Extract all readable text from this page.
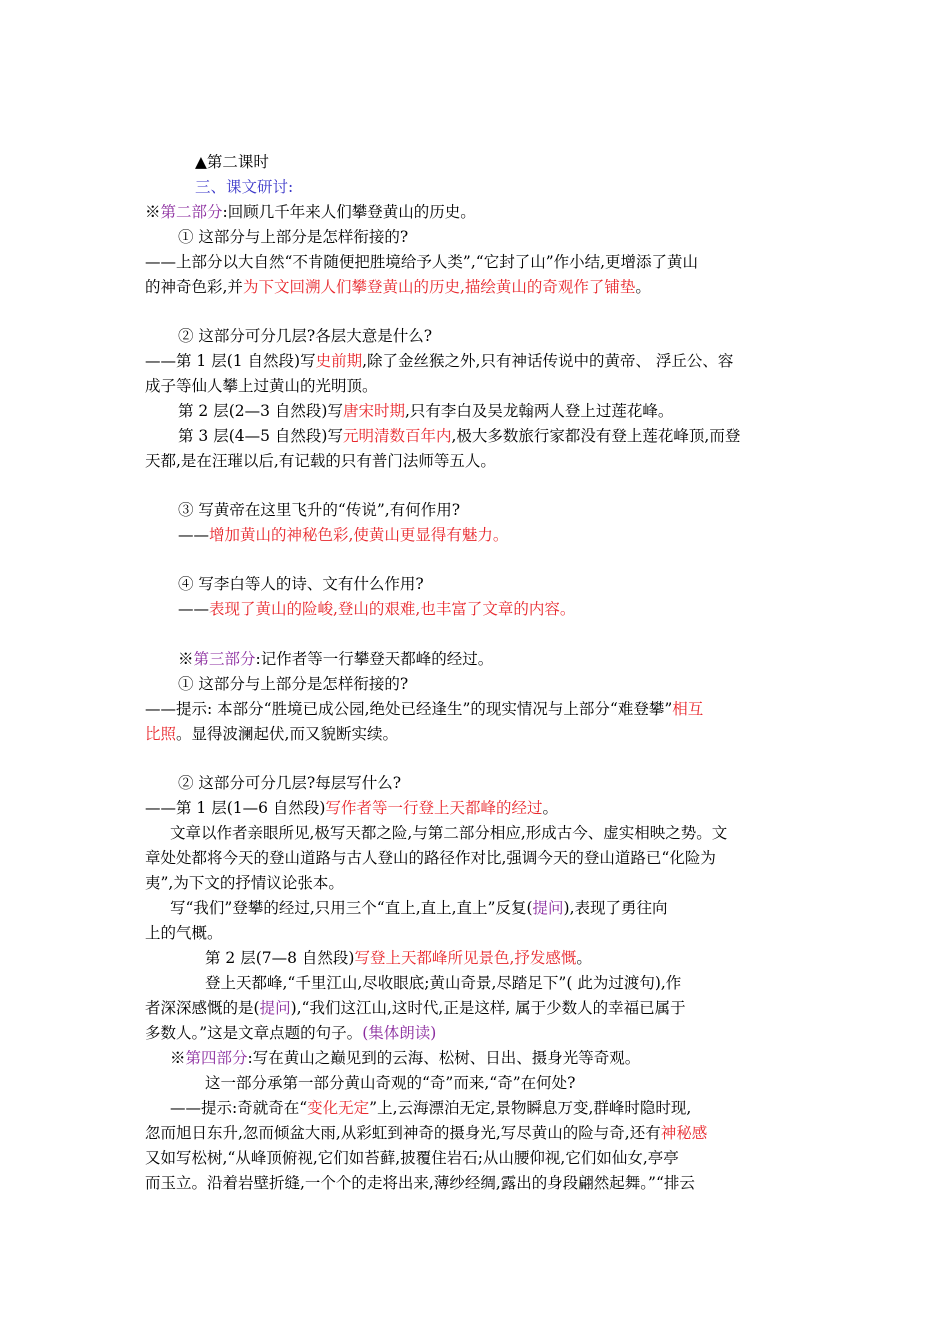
▲第二课时
三、课文研讨:
※第二部分:回顾几千年来人们攀登黄山的历史。
① 这部分与上部分是怎样衔接的?
——上部分以大自然“不肯随便把胜境给予人类”,“它封了山”作小结,更增添了黄山
的神奇色彩,并为下文回溯人们攀登黄山的历史,描绘黄山的奇观作了铺垫。
② 这部分可分几层?各层大意是什么?
——第 1 层(1 自然段)写史前期,除了金丝猴之外,只有神话传说中的黄帝、 浮丘公、容
成子等仙人攀上过黄山的光明顶。
第 2 层(2—3 自然段)写唐宋时期,只有李白及吴龙翰两人登上过莲花峰。
第 3 层(4—5 自然段)写元明清数百年内,极大多数旅行家都没有登上莲花峰顶,而登
天都,是在汪璀以后,有记载的只有普门法师等五人。
③ 写黄帝在这里飞升的“传说”,有何作用?
——增加黄山的神秘色彩,使黄山更显得有魅力。
④ 写李白等人的诗、文有什么作用?
——表现了黄山的险峻,登山的艰难,也丰富了文章的内容。
※第三部分:记作者等一行攀登天都峰的经过。
① 这部分与上部分是怎样衔接的?
——提示: 本部分“胜境已成公园,绝处已经逢生”的现实情况与上部分“难登攀”相互
比照。显得波澜起伏,而又貌断实续。
② 这部分可分几层?每层写什么?
——第 1 层(1—6 自然段)写作者等一行登上天都峰的经过。
文章以作者亲眼所见,极写天都之险,与第二部分相应,形成古今、虚实相映之势。文
章处处都将今天的登山道路与古人登山的路径作对比,强调今天的登山道路已“化险为
夷”,为下文的抒情议论张本。
写“我们”登攀的经过,只用三个“直上,直上,直上”反复(提问),表现了勇往向
上的气概。
第 2 层(7—8 自然段)写登上天都峰所见景色,抒发感慨。
登上天都峰,“千里江山,尽收眼底;黄山奇景,尽踏足下”( 此为过渡句),作
者深深感慨的是(提问),“我们这江山,这时代,正是这样, 属于少数人的幸福已属于
多数人。”这是文章点题的句子。(集体朗读)
※第四部分:写在黄山之巅见到的云海、松树、日出、摄身光等奇观。
这一部分承第一部分黄山奇观的“奇”而来,“奇”在何处?
——提示:奇就奇在“变化无定”上,云海漂泊无定,景物瞬息万变,群峰时隐时现,
忽而旭日东升,忽而倾盆大雨,从彩虹到神奇的摄身光,写尽黄山的险与奇,还有神秘感
又如写松树,“从峰顶俯视,它们如苔藓,披覆住岩石;从山腰仰视,它们如仙女,亭亭
而玉立。沿着岩壁折缝,一个个的走将出来,薄纱经绸,露出的身段翩然起舞。”“排云
